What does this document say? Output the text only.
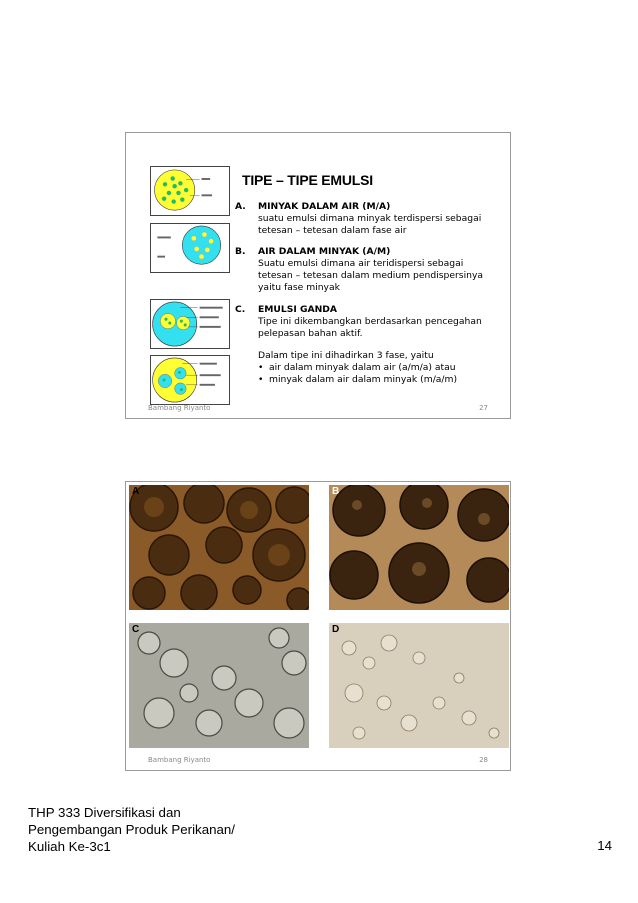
TIPE – TIPE EMULSI
A. MINYAK DALAM AIR (M/A)
suatu emulsi dimana minyak terdispersi sebagai
tetesan – tetesan dalam fase air
B. AIR DALAM MINYAK (A/M)
Suatu emulsi dimana air teridispersi sebagai
tetesan – tetesan dalam medium pendispersinya
yaitu fase minyak
C. EMULSI GANDA
Tipe ini dikembangkan berdasarkan pencegahan
pelepasan bahan aktif.
Dalam tipe ini dihadirkan 3 fase, yaitu
• air dalam minyak dalam air (a/m/a) atau
• minyak dalam air dalam minyak (m/a/m)
Bambang Riyanto	27
A	B
C	D
Bambang Riyanto	28
THP 333 Diversifikasi dan
Pengembangan Produk Perikanan/
Kuliah Ke-3c1	14
